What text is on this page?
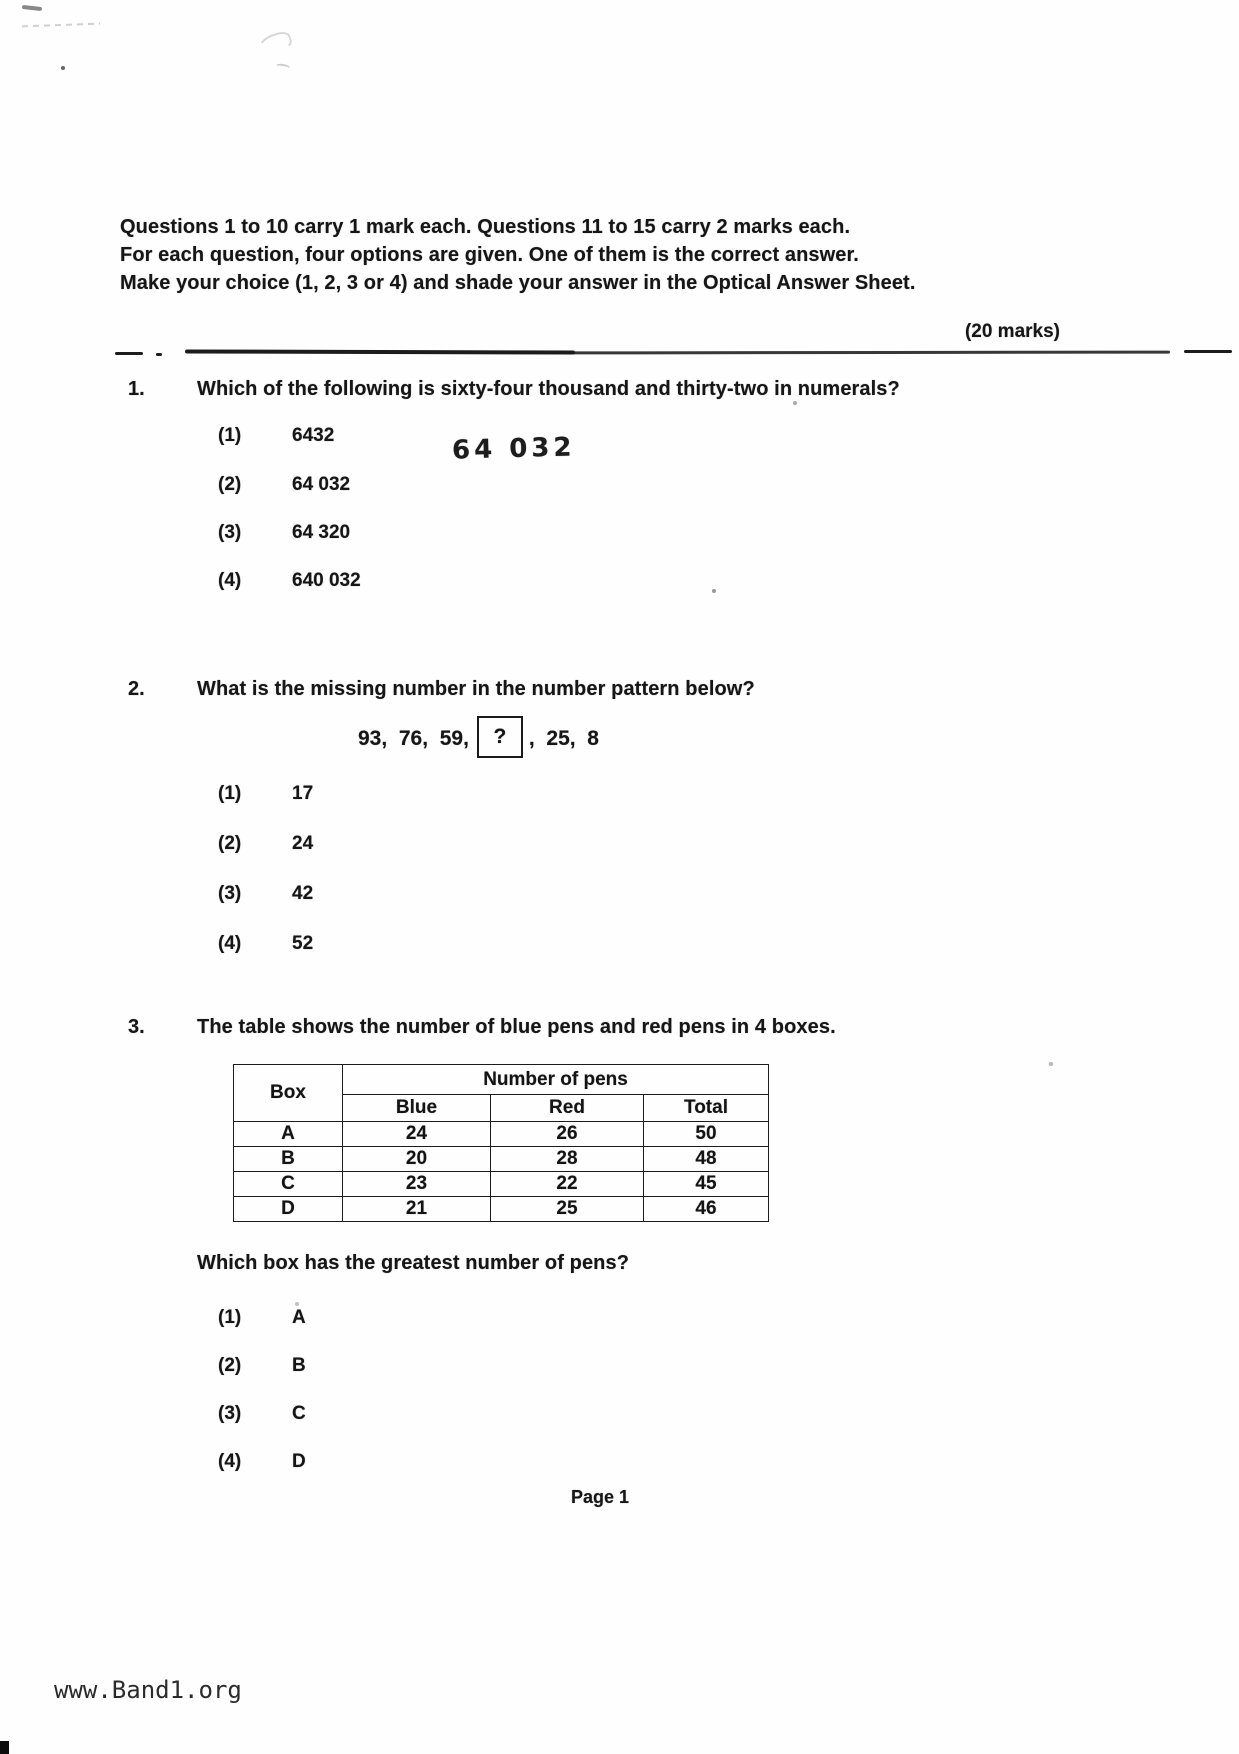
Questions 1 to 10 carry 1 mark each. Questions 11 to 15 carry 2 marks each.
For each question, four options are given. One of them is the correct answer.
Make your choice (1, 2, 3 or 4) and shade your answer in the Optical Answer Sheet.
(20 marks)
1.	Which of the following is sixty-four thousand and thirty-two in numerals?
64 032
(1)	6432
(2)	64 032
(3)	64 320
(4)	640 032
2.	What is the missing number in the number pattern below?
93,  76,  59,	?	,  25,  8
(1)	17
(2)	24
(3)	42
(4)	52
3.	The table shows the number of blue pens and red pens in 4 boxes.
Box	Number of pens		
	Blue	Red	Total
A	24	26	50
B	20	28	48
C	23	22	45
D	21	25	46
Which box has the greatest number of pens?
(1)	A
(2)	B
(3)	C
(4)	D
Page 1
www.Band1.org
